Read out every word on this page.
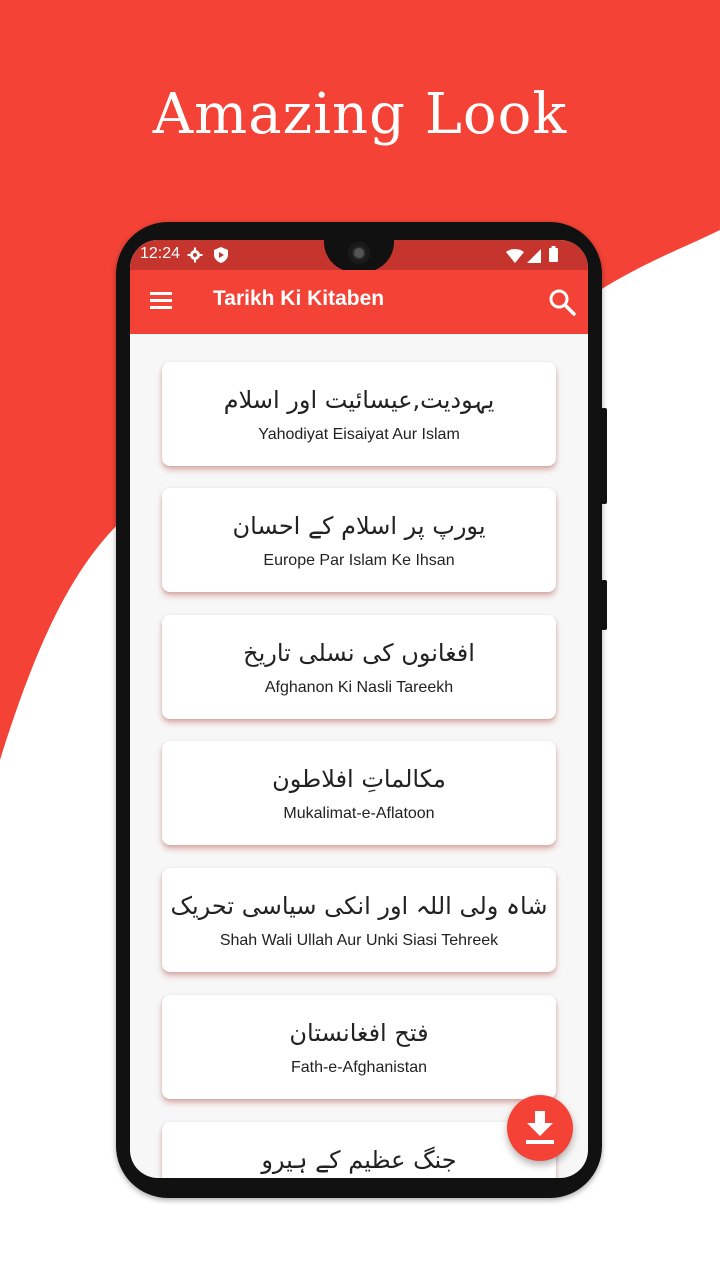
Amazing Look
12:24
Tarikh Ki Kitaben
یہودیت,عیسائیت اور اسلام
Yahodiyat Eisaiyat Aur Islam
یورپ پر اسلام کے احسان
Europe Par Islam Ke Ihsan
افغانوں کی نسلی تاریخ
Afghanon Ki Nasli Tareekh
مکالماتِ افلاطون
Mukalimat-e-Aflatoon
شاہ ولی اللہ اور انکی سیاسی تحریک
Shah Wali Ullah Aur Unki Siasi Tehreek
فتح افغانستان
Fath-e-Afghanistan
جنگ عظیم کے ہیرو
